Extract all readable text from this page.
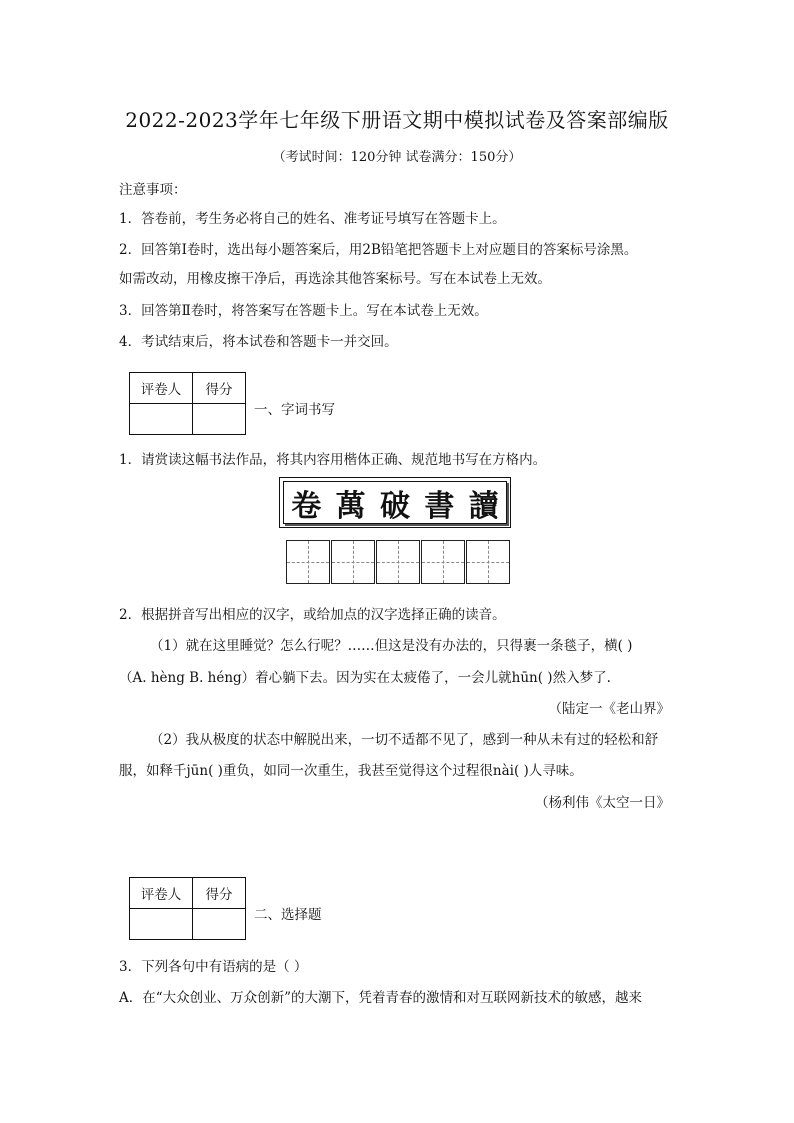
2022-2023学年七年级下册语文期中模拟试卷及答案部编版
（考试时间：120分钟 试卷满分：150分）
注意事项：
1．答卷前，考生务必将自己的姓名、准考证号填写在答题卡上。
2．回答第Ⅰ卷时，选出每小题答案后，用2B铅笔把答题卡上对应题目的答案标号涂黑。
如需改动，用橡皮擦干净后，再选涂其他答案标号。写在本试卷上无效。
3．回答第Ⅱ卷时，将答案写在答题卡上。写在本试卷上无效。
4．考试结束后，将本试卷和答题卡一并交回。
评卷人	得分

一、字词书写
1．请赏读这幅书法作品，将其内容用楷体正确、规范地书写在方格内。
卷 萬 破 書 讀
2．根据拼音写出相应的汉字，或给加点的汉字选择正确的读音。
（1）就在这里睡觉？怎么行呢？……但这是没有办法的，只得裹一条毯子，横( )
（A. hèng B. héng）着心躺下去。因为实在太疲倦了，一会儿就hūn( )然入梦了.
（陆定一《老山界》
（2）我从极度的状态中解脱出来，一切不适都不见了，感到一种从未有过的轻松和舒
服，如释千jūn( )重负，如同一次重生，我甚至觉得这个过程很nài( )人寻味。
（杨利伟《太空一日》
评卷人	得分

二、选择题
3．下列各句中有语病的是（ ）
A．在“大众创业、万众创新”的大潮下，凭着青春的激情和对互联网新技术的敏感，越来
